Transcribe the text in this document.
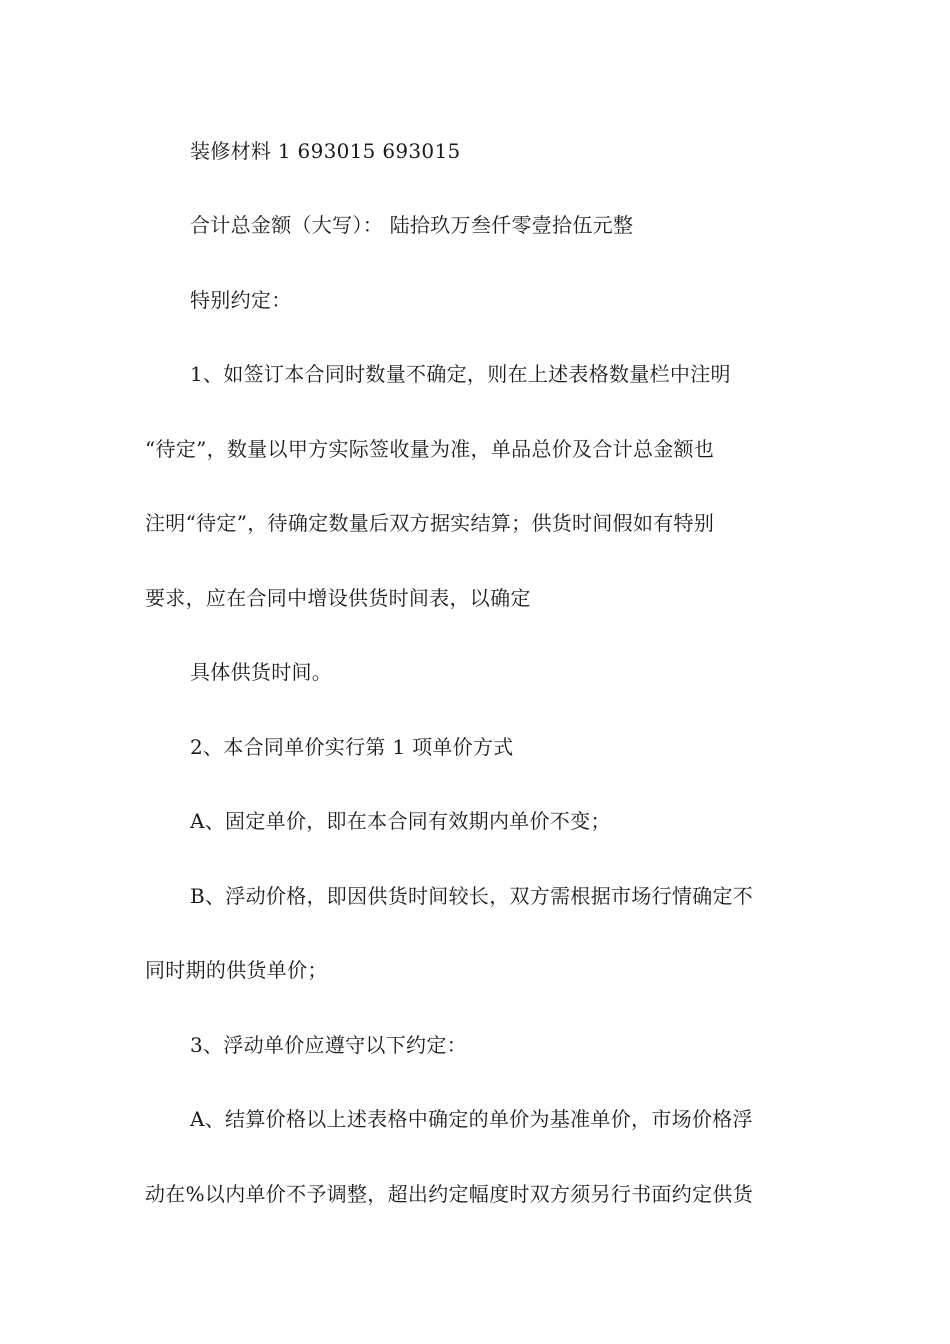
装修材料 1 693015 693015
合计总金额（大写）： 陆拾玖万叁仟零壹拾伍元整
特别约定：
1、如签订本合同时数量不确定，则在上述表格数量栏中注明
“待定”，数量以甲方实际签收量为准，单品总价及合计总金额也
注明“待定”，待确定数量后双方据实结算；供货时间假如有特别
要求，应在合同中增设供货时间表，以确定
具体供货时间。
2、本合同单价实行第 1 项单价方式
A、固定单价，即在本合同有效期内单价不变；
B、浮动价格，即因供货时间较长，双方需根据市场行情确定不
同时期的供货单价；
3、浮动单价应遵守以下约定：
A、结算价格以上述表格中确定的单价为基准单价，市场价格浮
动在%以内单价不予调整，超出约定幅度时双方须另行书面约定供货
